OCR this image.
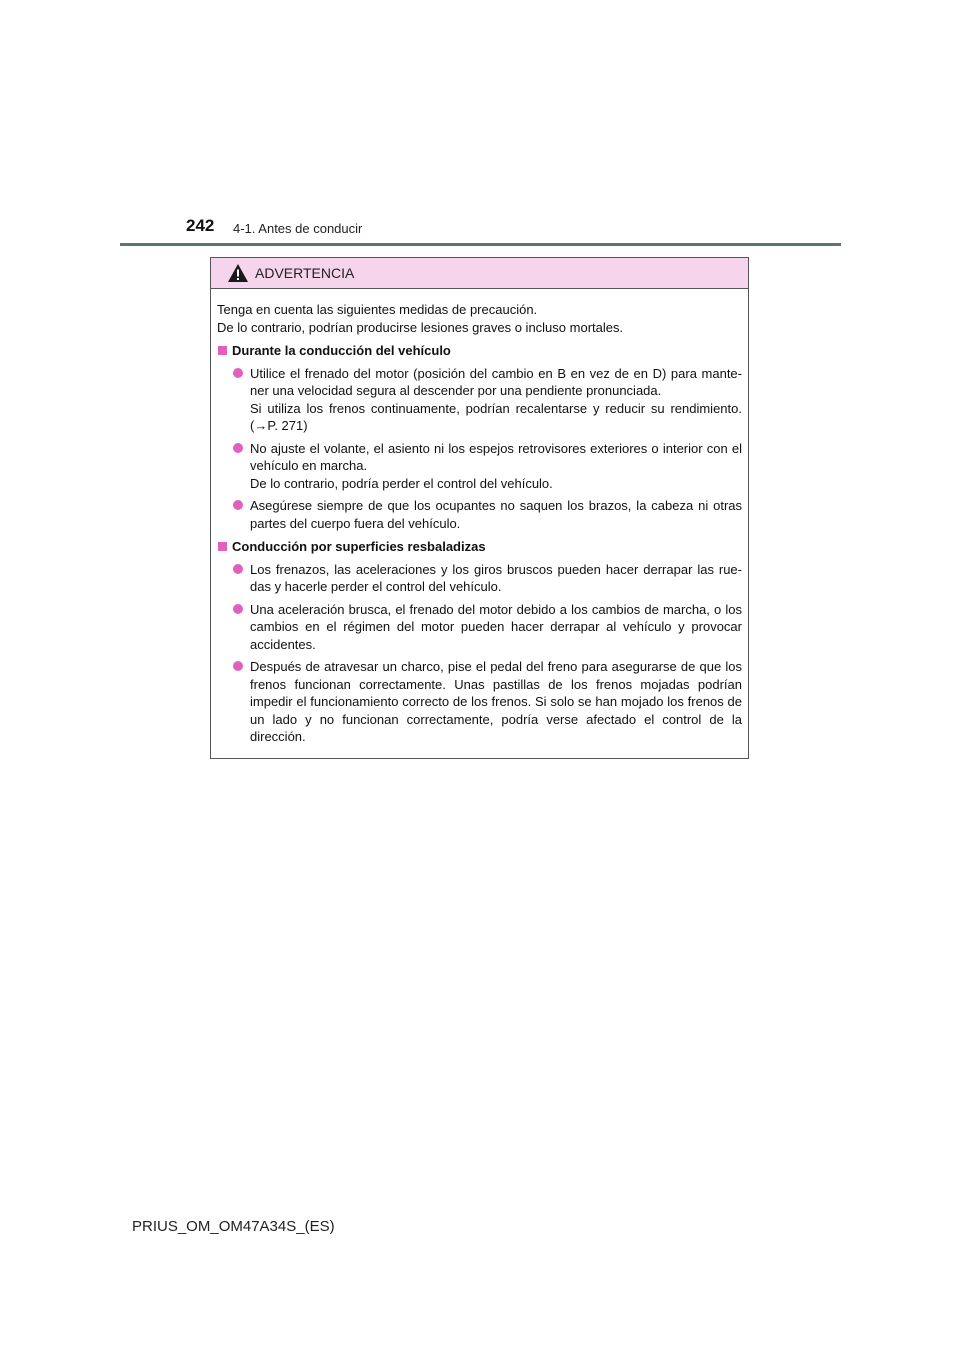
242 4-1. Antes de conducir
ADVERTENCIA

Tenga en cuenta las siguientes medidas de precaución.

De lo contrario, podrían producirse lesiones graves o incluso mortales.

Durante la conducción del vehículo

Utilice el frenado del motor (posición del cambio en B en vez de en D) para mante-ner una velocidad segura al descender por una pendiente pronunciada.

Si utiliza los frenos continuamente, podrían recalentarse y reducir su rendimiento. (→P. 271)

No ajuste el volante, el asiento ni los espejos retrovisores exteriores o interior con el vehículo en marcha.

De lo contrario, podría perder el control del vehículo.

Asegúrese siempre de que los ocupantes no saquen los brazos, la cabeza ni otras partes del cuerpo fuera del vehículo.

Conducción por superficies resbaladizas

Los frenazos, las aceleraciones y los giros bruscos pueden hacer derrapar las rue-das y hacerle perder el control del vehículo.

Una aceleración brusca, el frenado del motor debido a los cambios de marcha, o los cambios en el régimen del motor pueden hacer derrapar al vehículo y provocar accidentes.

Después de atravesar un charco, pise el pedal del freno para asegurarse de que los frenos funcionan correctamente. Unas pastillas de los frenos mojadas podrían impedir el funcionamiento correcto de los frenos. Si solo se han mojado los frenos de un lado y no funcionan correctamente, podría verse afectado el control de la dirección.

PRIUS_OM_OM47A34S_(ES)
